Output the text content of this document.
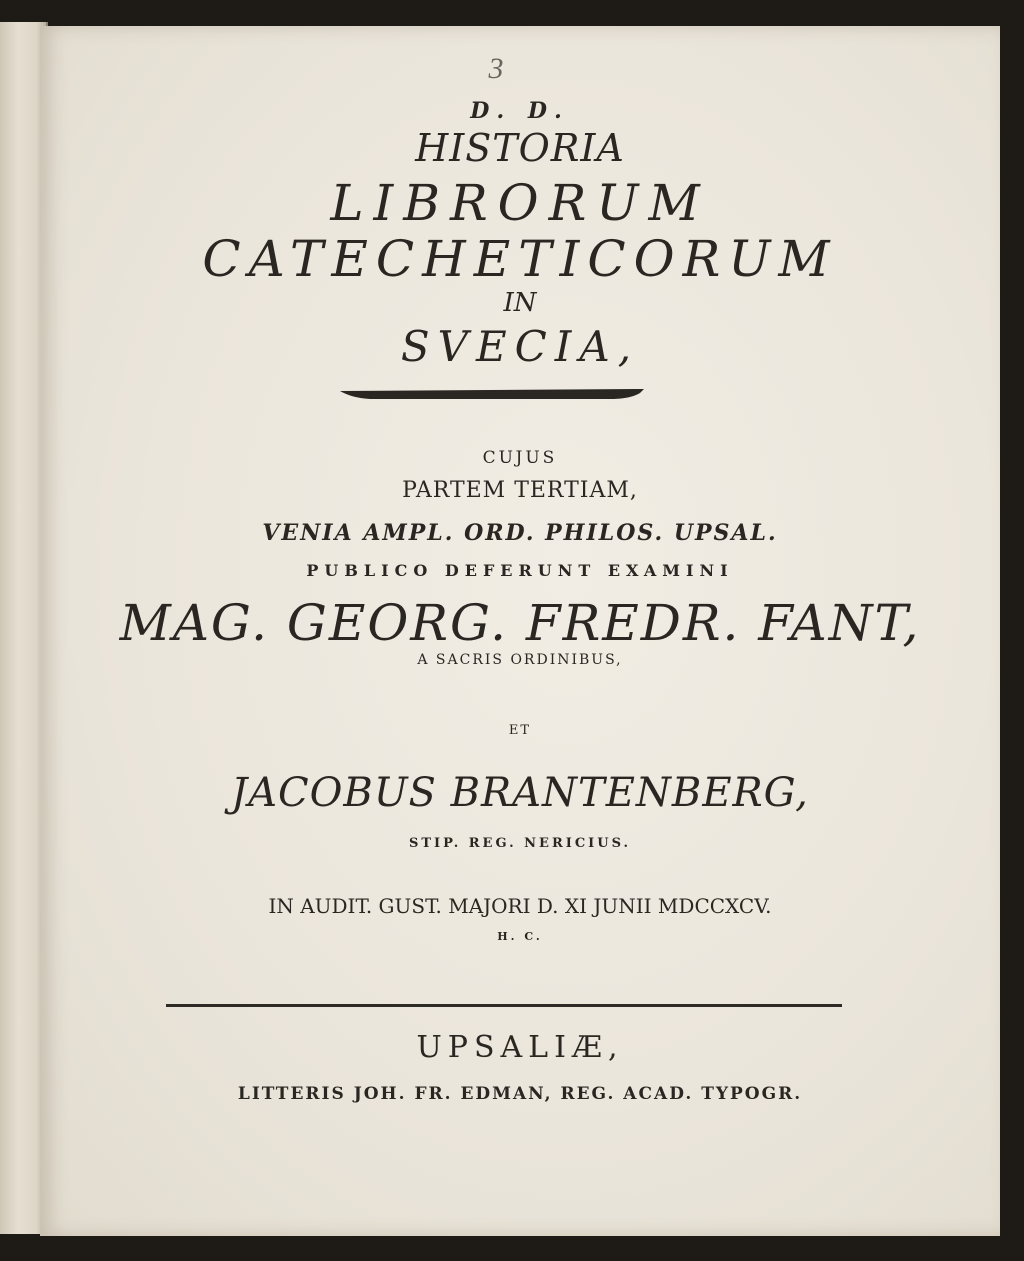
3
D. D.
HISTORIA
LIBRORUM
CATECHETICORUM
IN
SVECIA,
CUJUS
PARTEM TERTIAM,
VENIA AMPL. ORD. PHILOS. UPSAL.
PUBLICO DEFERUNT EXAMINI
MAG. GEORG. FREDR. FANT,
A SACRIS ORDINIBUS,
ET
JACOBUS BRANTENBERG,
STIP. REG. NERICIUS.
IN AUDIT. GUST. MAJORI D. XI JUNII MDCCXCV.
H. C.
UPSALIÆ,
LITTERIS JOH. FR. EDMAN, REG. ACAD. TYPOGR.
